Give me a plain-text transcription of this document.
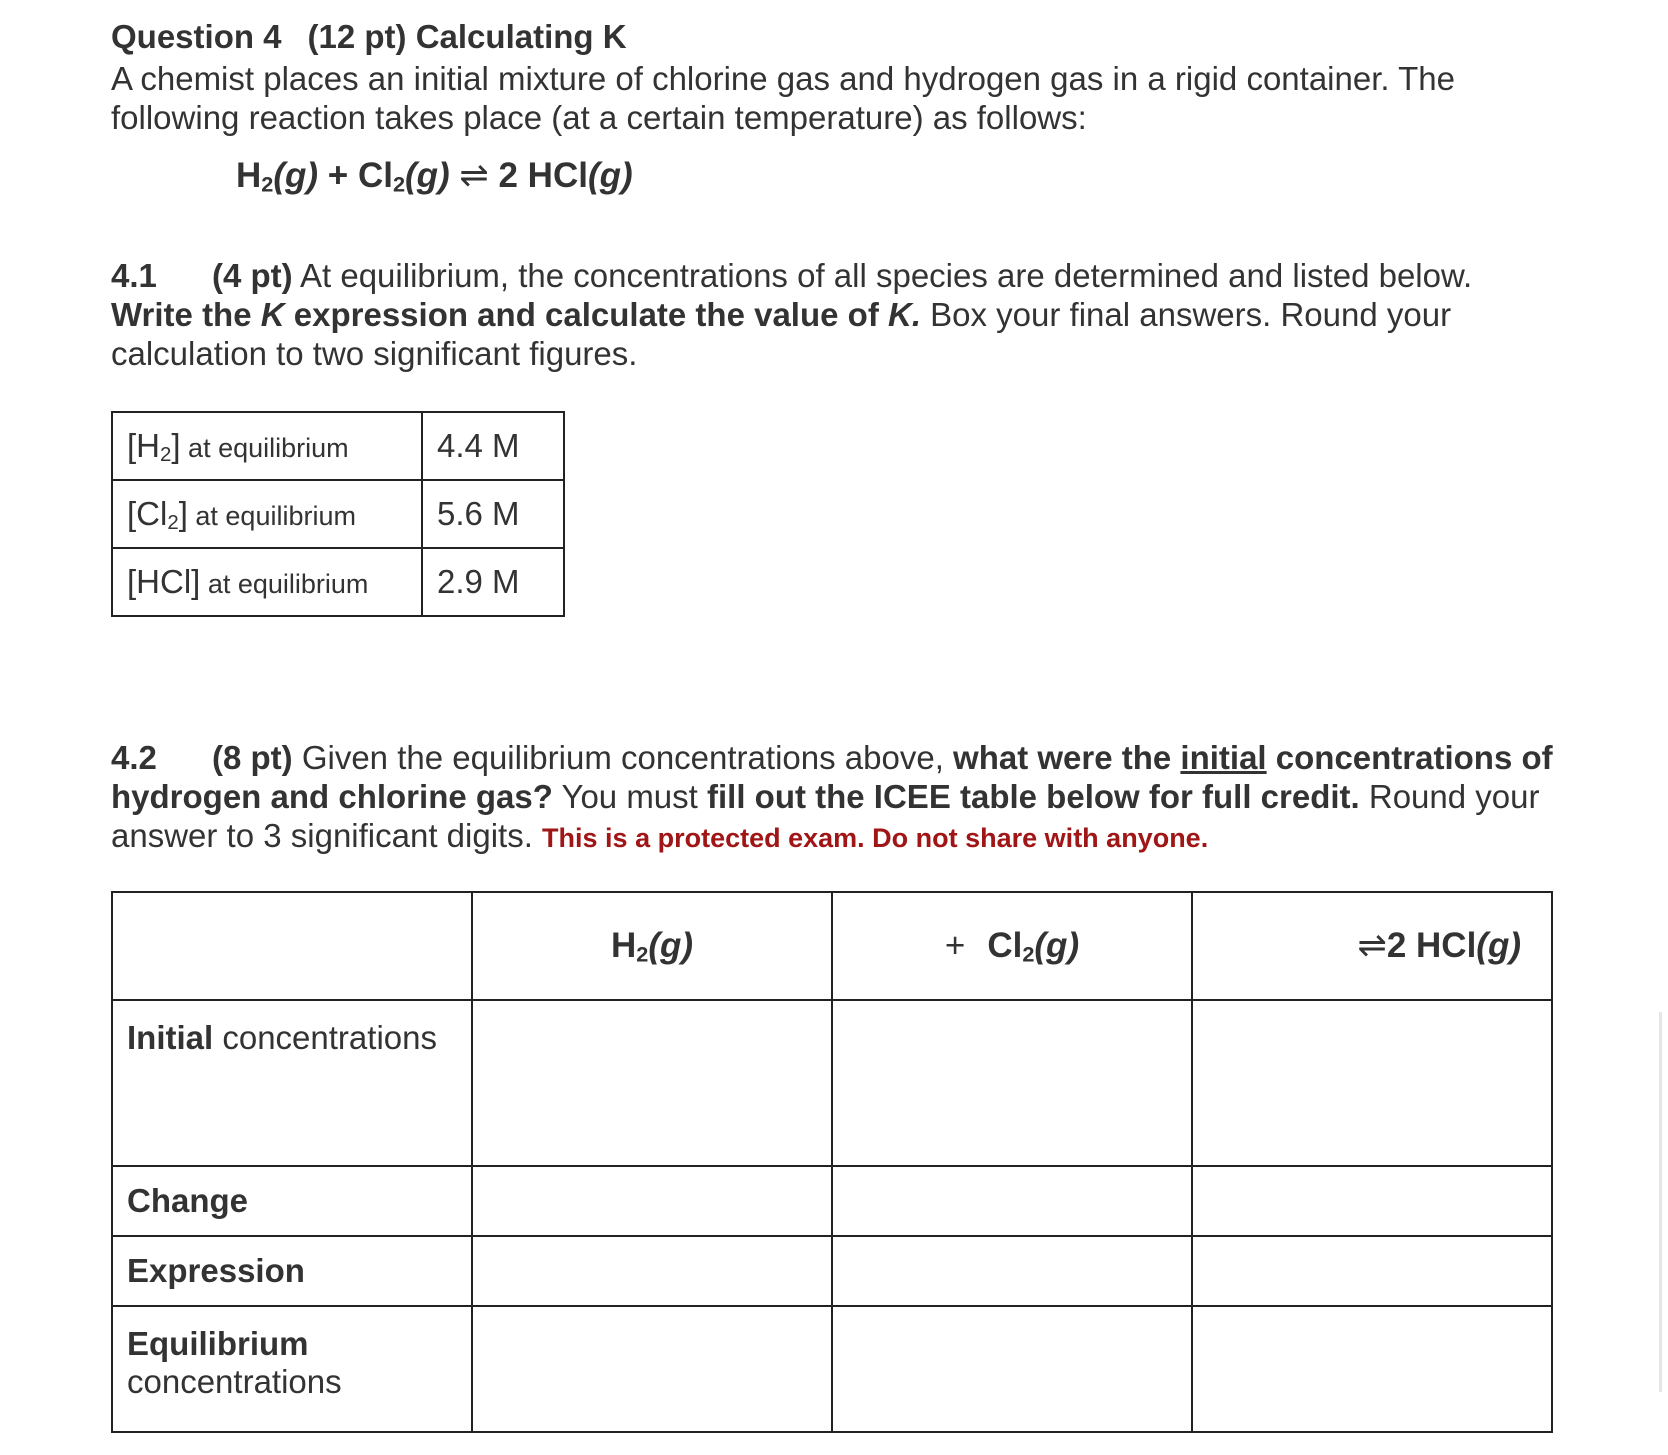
Question 4 (12 pt) Calculating K
A chemist places an initial mixture of chlorine gas and hydrogen gas in a rigid container. The following reaction takes place (at a certain temperature) as follows:
$H_2(g) + Cl_2(g)$ ⇌ 2 HCl(g)
4.1 (4 pt) At equilibrium, the concentrations of all species are determined and listed below. Write the K expression and calculate the value of K. Box your final answers. Round your calculation to two significant figures.
$[H_2]$ at equilibrium	4.4 M
$[Cl_2]$ at equilibrium	5.6 M
[HCl] at equilibrium	2.9 M
4.2 (8 pt) Given the equilibrium concentrations above, what were the initial concentrations of hydrogen and chlorine gas? You must fill out the ICEE table below for full credit. Round your answer to 3 significant digits. This is a protected exam. Do not share with anyone.
	$H_2(g)$	+ $Cl_2(g)$	⇌2 HCl(g)
Initial concentrations			
Change			
Expression			
Equilibrium
concentrations			
